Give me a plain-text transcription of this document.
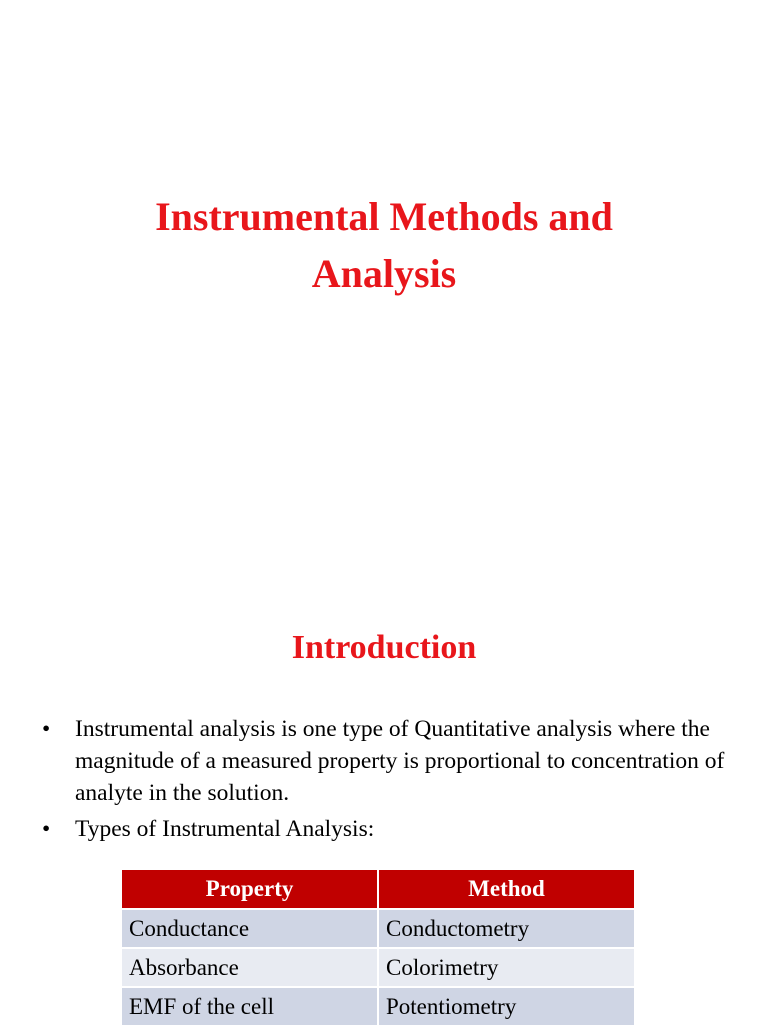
Instrumental Methods and
Analysis
Introduction
• Instrumental analysis is one type of Quantitative analysis where the magnitude of a measured property is proportional to concentration of analyte in the solution.
• Types of Instrumental Analysis:
Property	Method
Conductance	Conductometry
Absorbance	Colorimetry
EMF of the cell	Potentiometry
